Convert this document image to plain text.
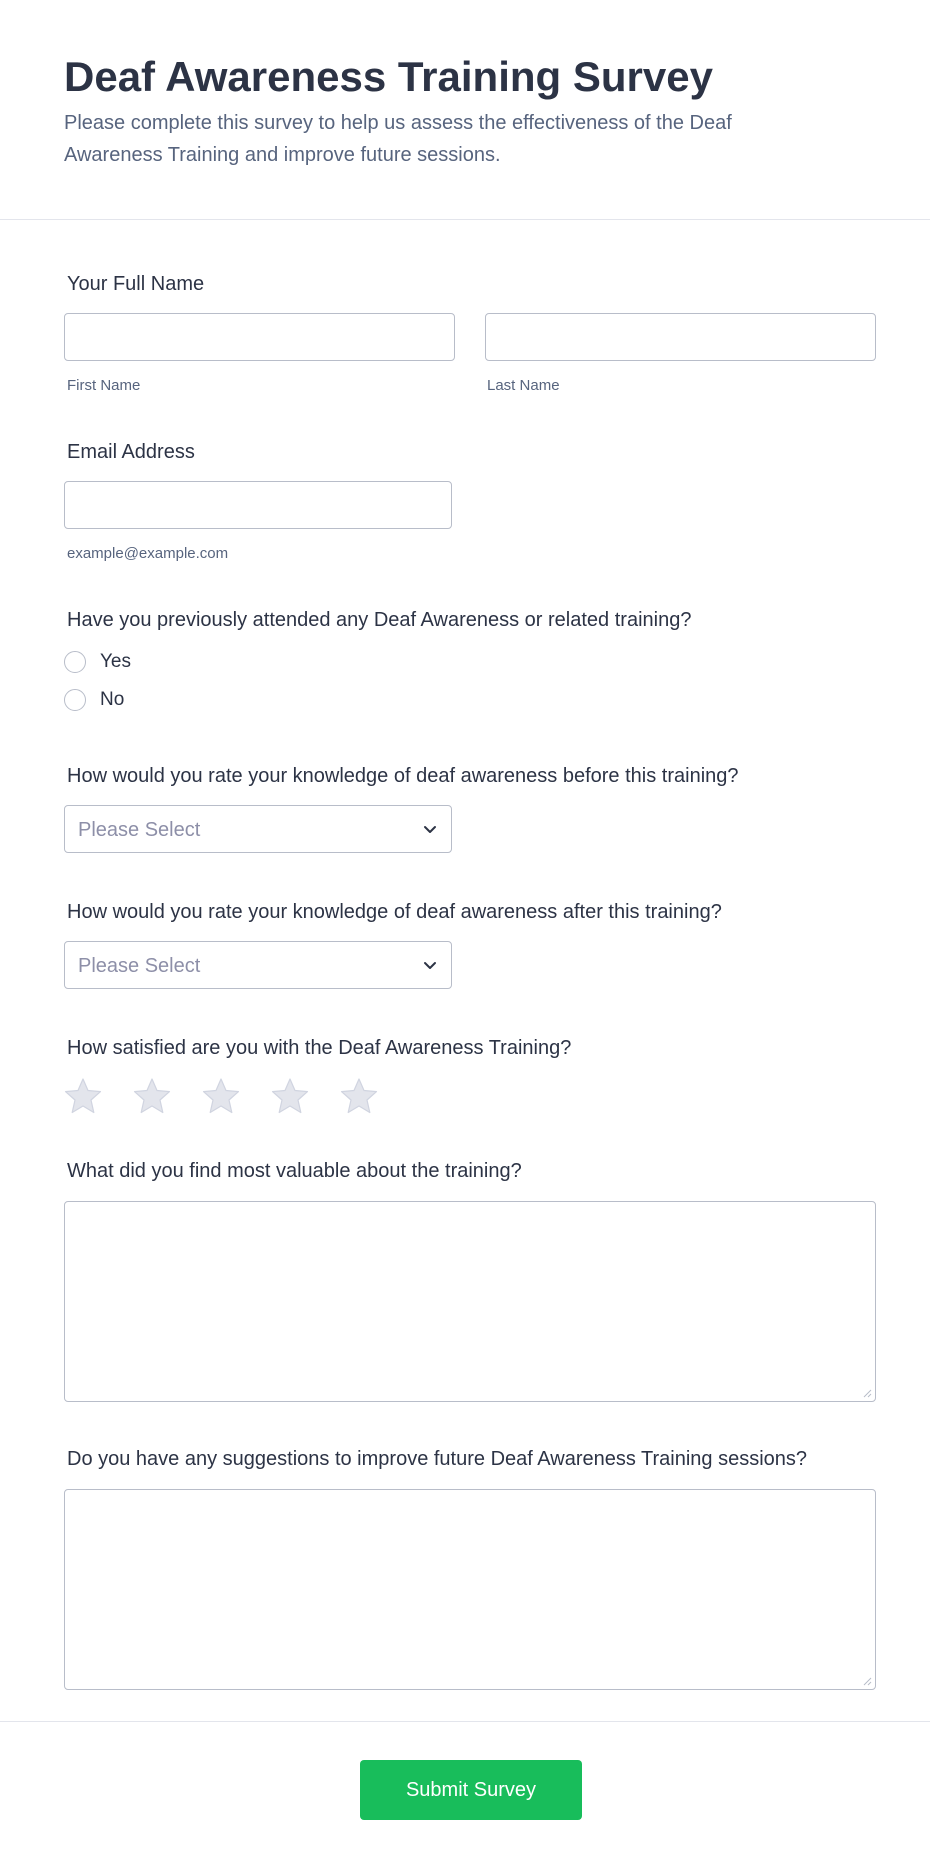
Deaf Awareness Training Survey

Please complete this survey to help us assess the effectiveness of the Deaf Awareness Training and improve future sessions.

Your Full Name
First Name	Last Name
Email Address
example@example.com
Have you previously attended any Deaf Awareness or related training?
Yes
No
How would you rate your knowledge of deaf awareness before this training?
Please Select
How would you rate your knowledge of deaf awareness after this training?
Please Select
How satisfied are you with the Deaf Awareness Training?
What did you find most valuable about the training?
Do you have any suggestions to improve future Deaf Awareness Training sessions?
Submit Survey
